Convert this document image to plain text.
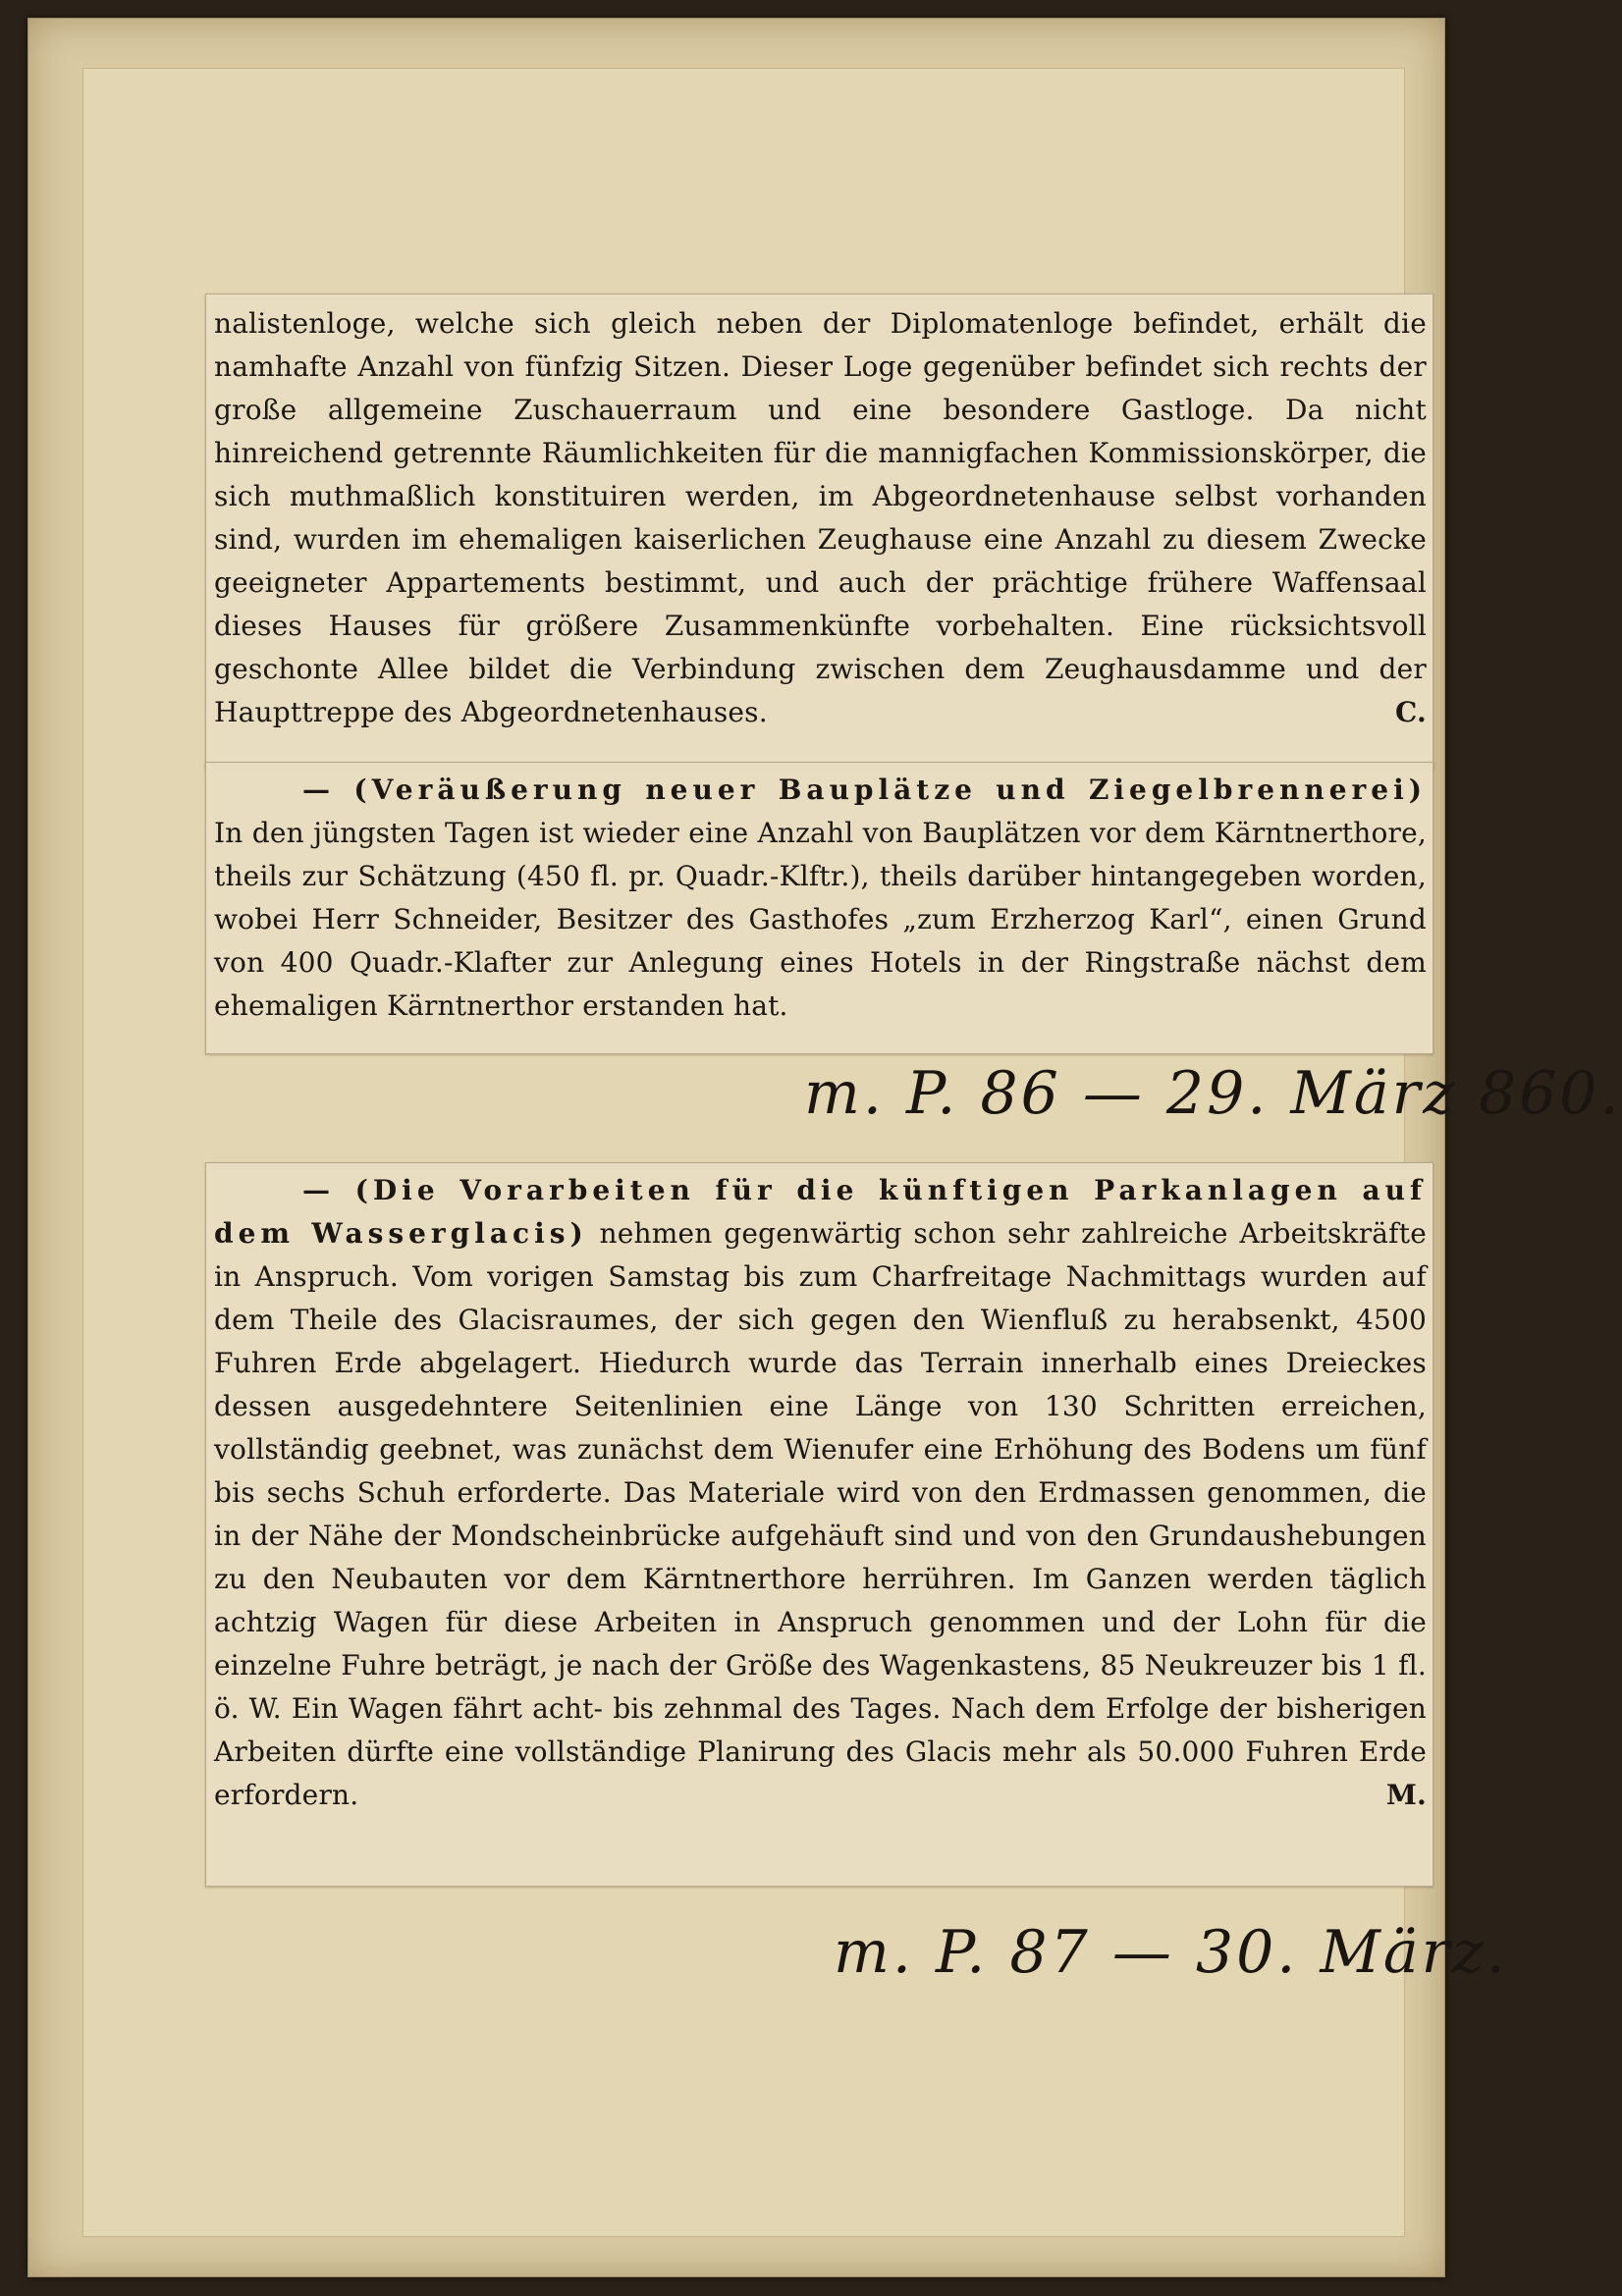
nalistenloge, welche sich gleich neben der Diplomatenloge befindet, erhält die namhafte Anzahl von fünfzig Sitzen. Dieser Loge gegenüber befindet sich rechts der große allgemeine Zuschauerraum und eine besondere Gastloge. Da nicht hinreichend getrennte Räumlichkeiten für die mannigfachen Kommissionskörper, die sich muthmaßlich konstituiren werden, im Abgeordnetenhause selbst vorhanden sind, wurden im ehemaligen kaiserlichen Zeughause eine Anzahl zu diesem Zwecke geeigneter Appartements bestimmt, und auch der prächtige frühere Waffensaal dieses Hauses für größere Zusammenkünfte vorbehalten. Eine rücksichtsvoll geschonte Allee bildet die Verbindung zwischen dem Zeughausdamme und der Haupttreppe des Abgeordnetenhauses.	C.

— (Veräußerung neuer Bauplätze und Ziegelbrennerei) In den jüngsten Tagen ist wieder eine Anzahl von Bauplätzen vor dem Kärntnerthore, theils zur Schätzung (450 fl. pr. Quadr.-Klftr.), theils darüber hintangegeben worden, wobei Herr Schneider, Besitzer des Gasthofes „zum Erzherzog Karl“, einen Grund von 400 Quadr.-Klafter zur Anlegung eines Hotels in der Ringstraße nächst dem ehemaligen Kärntnerthor erstanden hat.

m. P. 86 — 29. März 860.

— (Die Vorarbeiten für die künftigen Parkanlagen auf dem Wasserglacis) nehmen gegenwärtig schon sehr zahlreiche Arbeitskräfte in Anspruch. Vom vorigen Samstag bis zum Charfreitage Nachmittags wurden auf dem Theile des Glacisraumes, der sich gegen den Wienfluß zu herabsenkt, 4500 Fuhren Erde abgelagert. Hiedurch wurde das Terrain innerhalb eines Dreieckes dessen ausgedehntere Seitenlinien eine Länge von 130 Schritten erreichen, vollständig geebnet, was zunächst dem Wienufer eine Erhöhung des Bodens um fünf bis sechs Schuh erforderte. Das Materiale wird von den Erdmassen genommen, die in der Nähe der Mondscheinbrücke aufgehäuft sind und von den Grundaushebungen zu den Neubauten vor dem Kärntnerthore herrühren. Im Ganzen werden täglich achtzig Wagen für diese Arbeiten in Anspruch genommen und der Lohn für die einzelne Fuhre beträgt, je nach der Größe des Wagenkastens, 85 Neukreuzer bis 1 fl. ö. W. Ein Wagen fährt acht- bis zehnmal des Tages. Nach dem Erfolge der bisherigen Arbeiten dürfte eine vollständige Planirung des Glacis mehr als 50.000 Fuhren Erde erfordern.	M.

m. P. 87 — 30. März.
